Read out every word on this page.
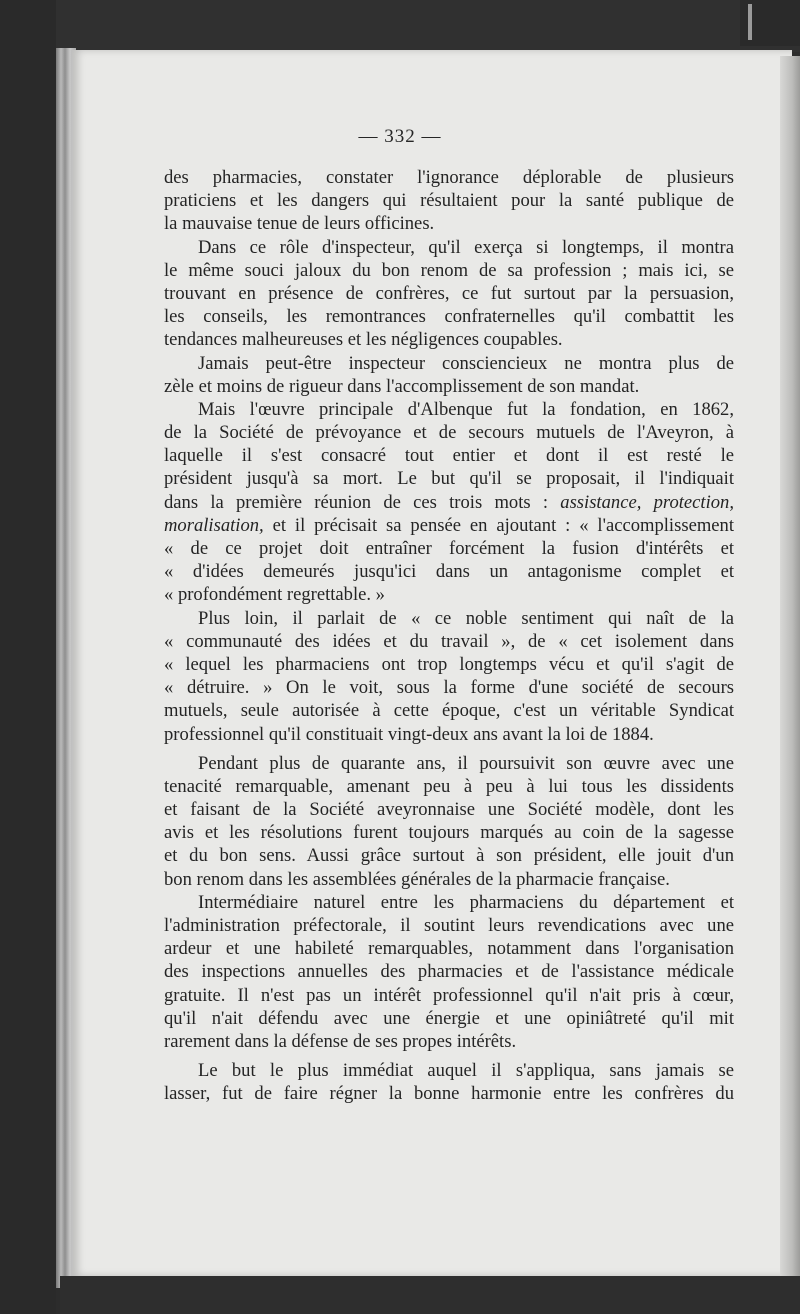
— 332 —
des pharmacies, constater l'ignorance déplorable de plusieurs
praticiens et les dangers qui résultaient pour la santé publique de
la mauvaise tenue de leurs officines.
Dans ce rôle d'inspecteur, qu'il exerça si longtemps, il montra
le même souci jaloux du bon renom de sa profession ; mais ici, se
trouvant en présence de confrères, ce fut surtout par la persuasion,
les conseils, les remontrances confraternelles qu'il combattit les
tendances malheureuses et les négligences coupables.
Jamais peut-être inspecteur consciencieux ne montra plus de
zèle et moins de rigueur dans l'accomplissement de son mandat.
Mais l'œuvre principale d'Albenque fut la fondation, en 1862,
de la Société de prévoyance et de secours mutuels de l'Aveyron, à
laquelle il s'est consacré tout entier et dont il est resté le
président jusqu'à sa mort. Le but qu'il se proposait, il l'indiquait
dans la première réunion de ces trois mots : assistance, protection,
moralisation, et il précisait sa pensée en ajoutant : « l'accomplissement
« de ce projet doit entraîner forcément la fusion d'intérêts et
« d'idées demeurés jusqu'ici dans un antagonisme complet et
« profondément regrettable. »
Plus loin, il parlait de « ce noble sentiment qui naît de la
« communauté des idées et du travail », de « cet isolement dans
« lequel les pharmaciens ont trop longtemps vécu et qu'il s'agit de
« détruire. » On le voit, sous la forme d'une société de secours
mutuels, seule autorisée à cette époque, c'est un véritable Syndicat
professionnel qu'il constituait vingt-deux ans avant la loi de 1884.
Pendant plus de quarante ans, il poursuivit son œuvre avec une
tenacité remarquable, amenant peu à peu à lui tous les dissidents
et faisant de la Société aveyronnaise une Société modèle, dont les
avis et les résolutions furent toujours marqués au coin de la sagesse
et du bon sens. Aussi grâce surtout à son président, elle jouit d'un
bon renom dans les assemblées générales de la pharmacie française.
Intermédiaire naturel entre les pharmaciens du département et
l'administration préfectorale, il soutint leurs revendications avec une
ardeur et une habileté remarquables, notamment dans l'organisation
des inspections annuelles des pharmacies et de l'assistance médicale
gratuite. Il n'est pas un intérêt professionnel qu'il n'ait pris à cœur,
qu'il n'ait défendu avec une énergie et une opiniâtreté qu'il mit
rarement dans la défense de ses propes intérêts.
Le but le plus immédiat auquel il s'appliqua, sans jamais se
lasser, fut de faire régner la bonne harmonie entre les confrères du
